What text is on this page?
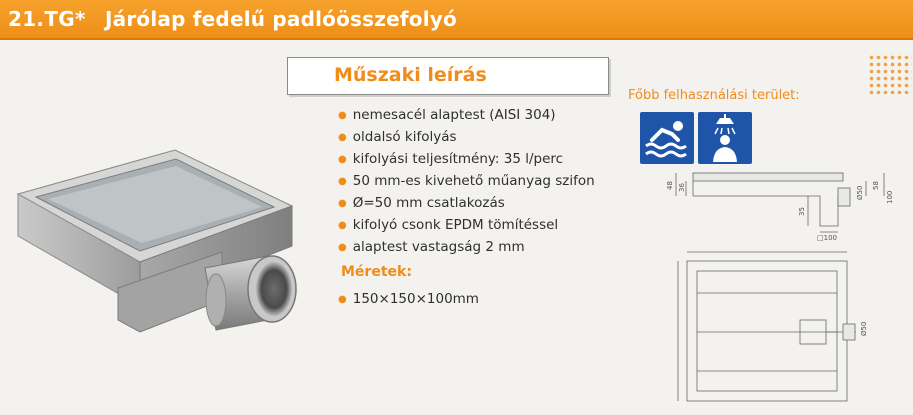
21.TG* Járólap fedelű padlóösszefolyó
Műszaki leírás
● nemesacél alaptest (AISI 304)
● oldalsó kifolyás
● kifolyási teljesítmény: 35 l/perc
● 50 mm-es kivehető műanyag szifon
● Ø=50 mm csatlakozás
● kifolyó csonk EPDM tömítéssel
● alaptest vastagság 2 mm
Méretek:
● 150×150×100mm
Főbb felhasználási terület:
48 36	58
Ø50
35
□100
100
Ø50
